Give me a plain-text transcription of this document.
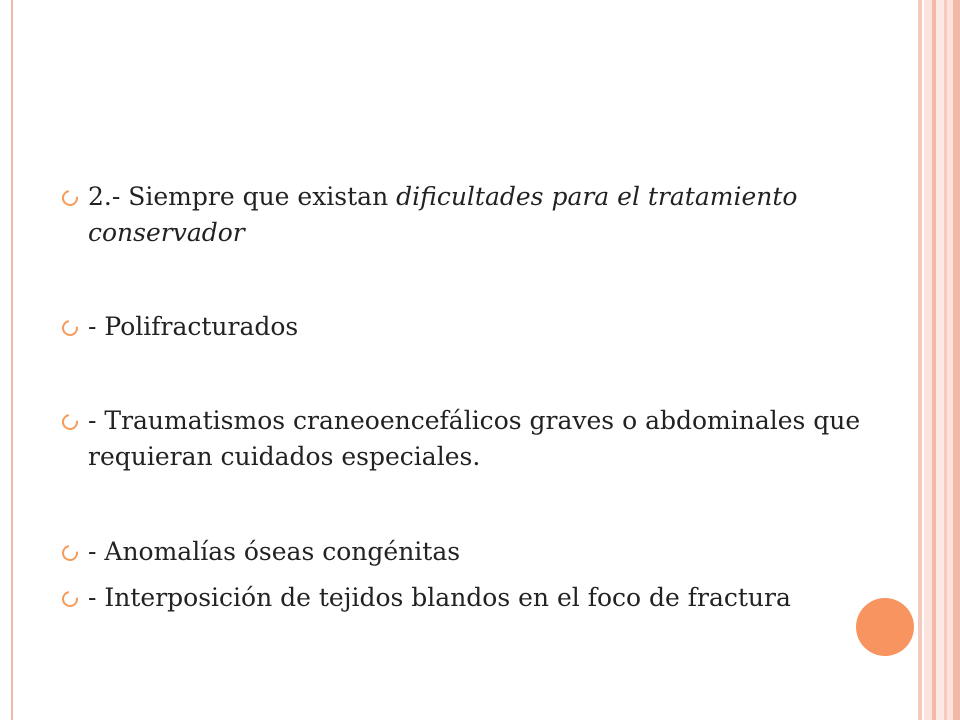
2.- Siempre que existan dificultades para el tratamiento conservador
- Polifracturados
- Traumatismos craneoencefálicos graves o abdominales que requieran cuidados especiales.
- Anomalías óseas congénitas
- Interposición de tejidos blandos en el foco de fractura
